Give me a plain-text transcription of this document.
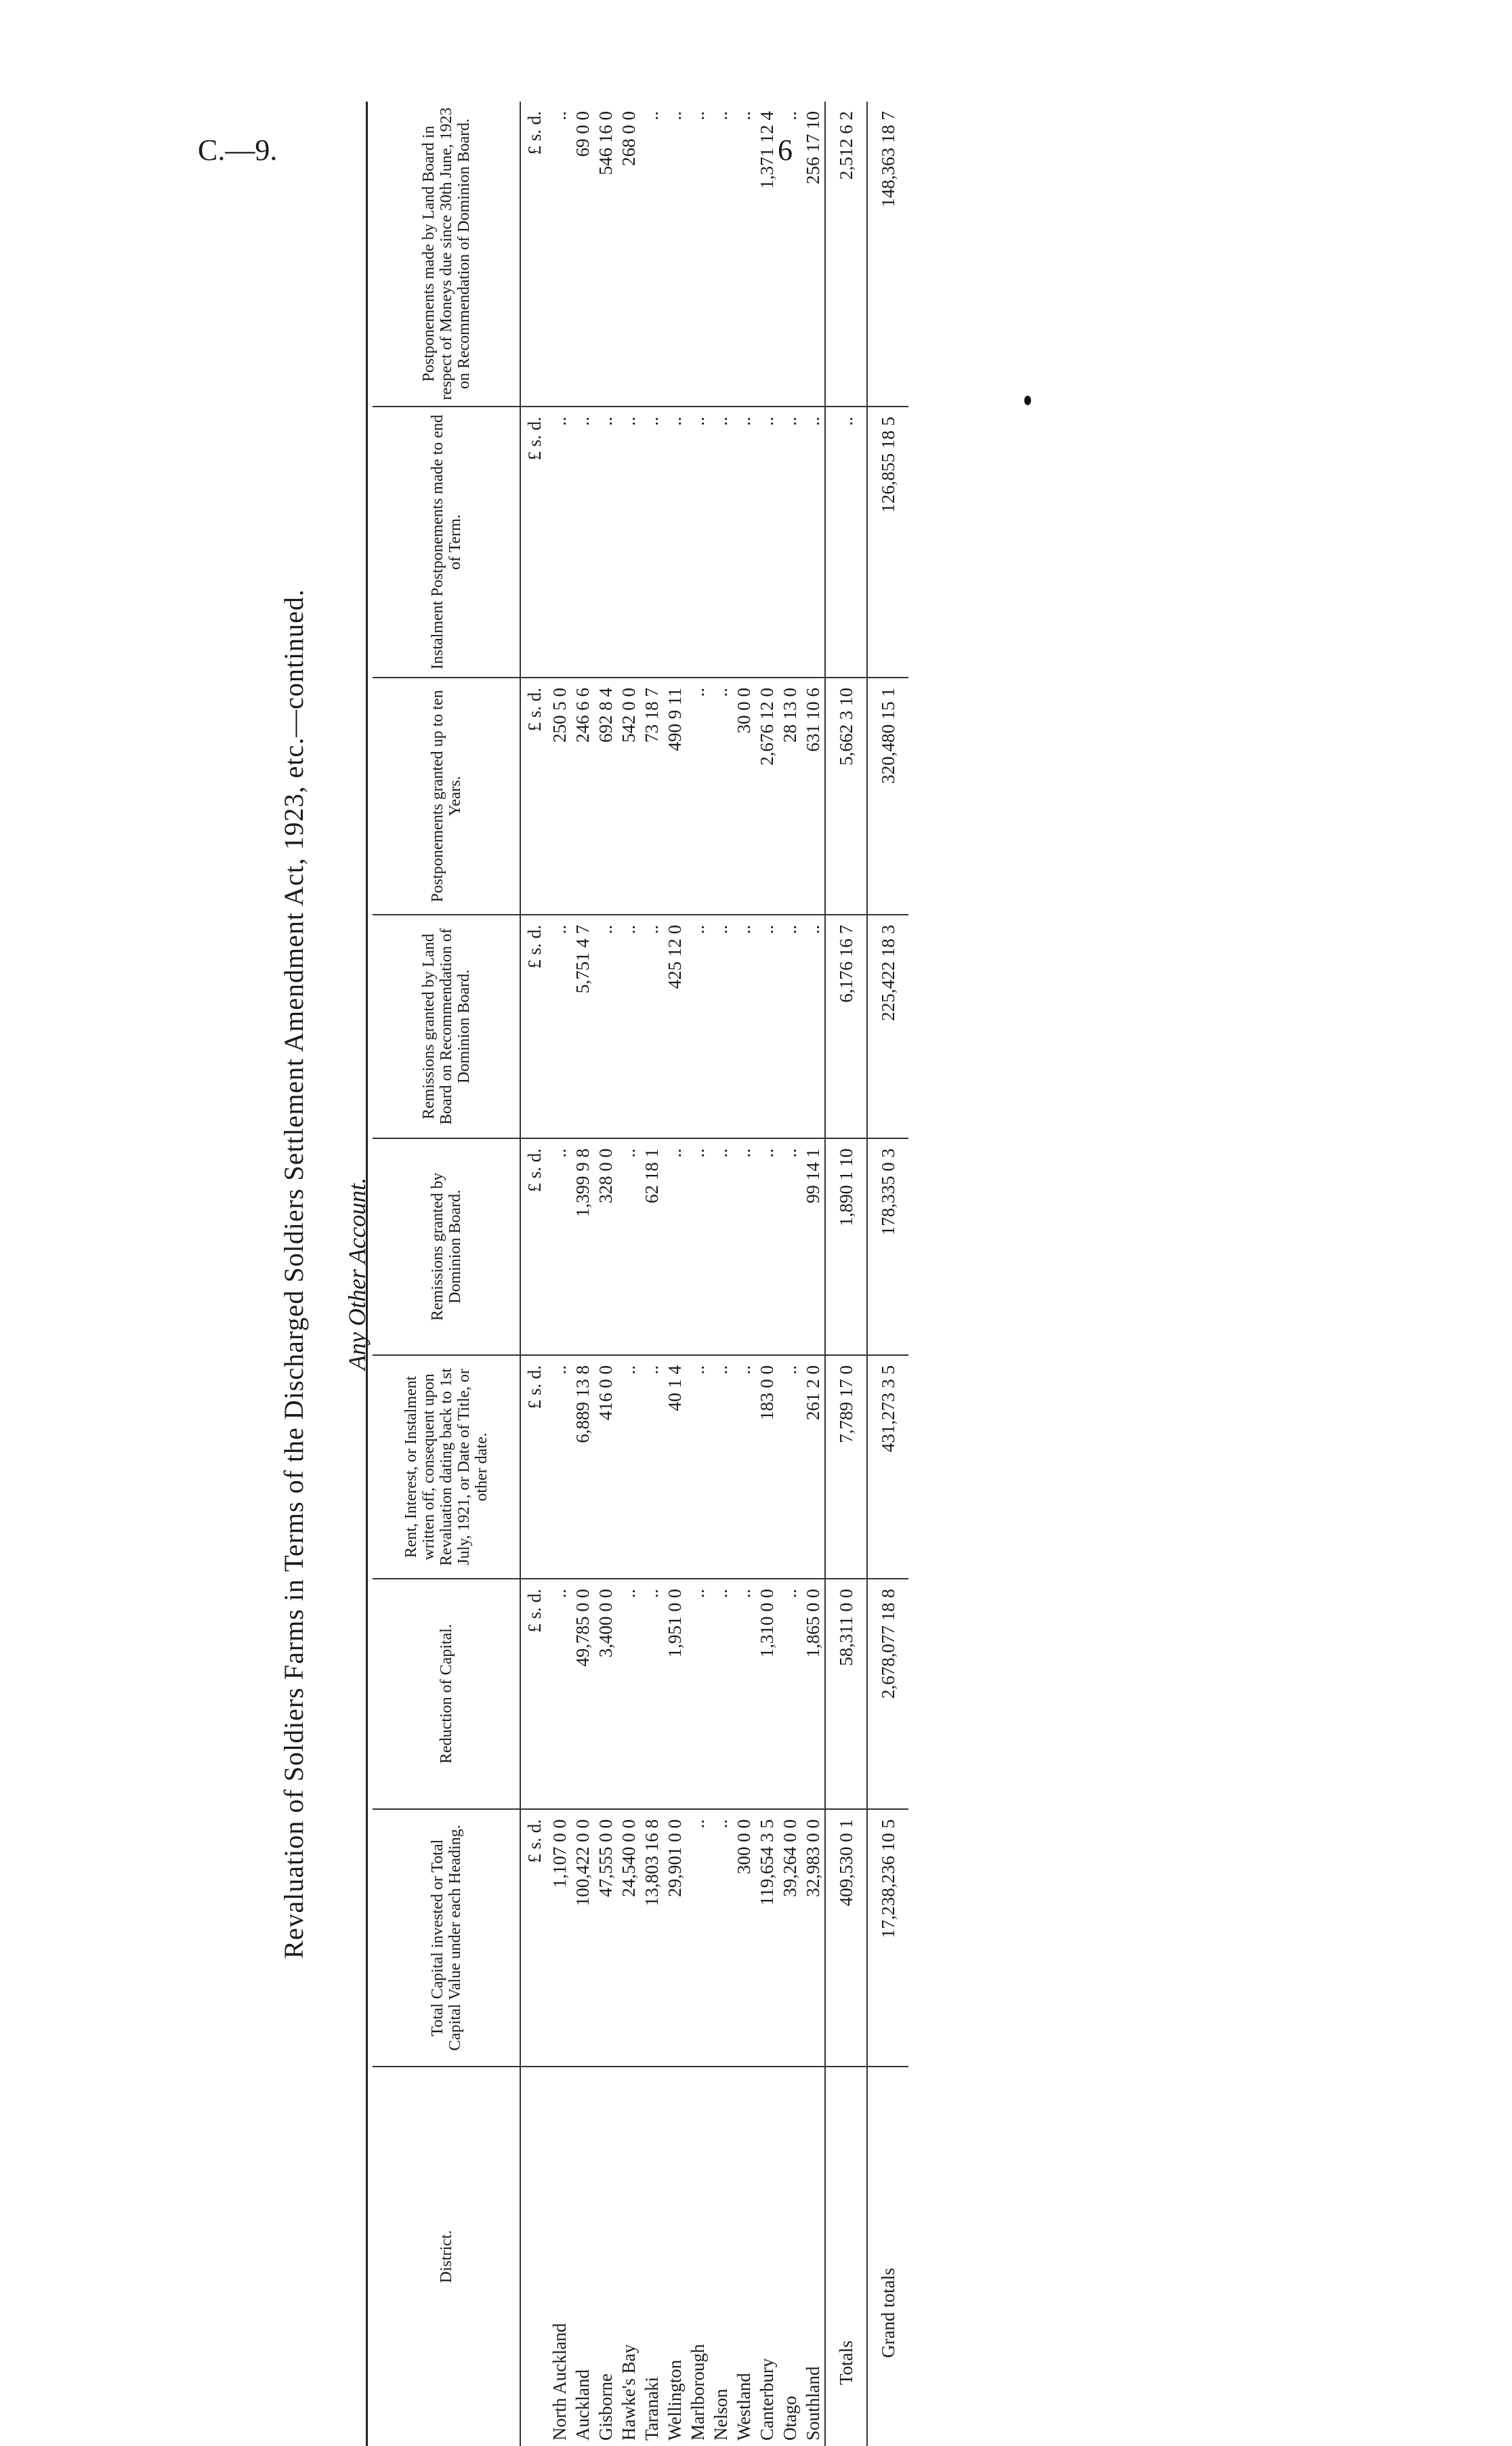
C.—9.	6
Revaluation of Soldiers Farms in Terms of the Discharged Soldiers Settlement Amendment Act, 1923, etc.—continued.	Any Other Account.
District.	Total Capital invested or Total Capital Value under each Heading.	Reduction of Capital.	Rent, Interest, or Instalment written off, consequent upon Revaluation dating back to 1st July, 1921, or Date of Title, or other date.	Remissions granted by Dominion Board.	Remissions granted by Land Board on Recommendation of Dominion Board.	Postponements granted up to ten Years.	Instalment Postponements made to end of Term.	Postponements made by Land Board in respect of Moneys due since 30th June, 1923 on Recommendation of Dominion Board.
	£ s. d.	£ s. d.	£ s. d.	£ s. d.	£ s. d.	£ s. d.	£ s. d.	£ s. d.
North Auckland	1,107 0 0	..	..	..	..	250 5 0	..	..
Auckland	100,422 0 0	49,785 0 0	6,889 13 8	1,399 9 8	5,751 4 7	246 6 6	..	69 0 0
Gisborne	47,555 0 0	3,400 0 0	416 0 0	328 0 0	..	692 8 4	..	546 16 0
Hawke's Bay	24,540 0 0	..	..	..	..	542 0 0	..	268 0 0
Taranaki	13,803 16 8	..	..	62 18 1	..	73 18 7	..	..
Wellington	29,901 0 0	1,951 0 0	40 1 4	..	425 12 0	490 9 11	..	..
Marlborough	..	..	..	..	..	..	..	..
Nelson	..	..	..	..	..	..	..	..
Westland	300 0 0	..	..	..	..	30 0 0	..	..
Canterbury	119,654 3 5	1,310 0 0	183 0 0	..	..	2,676 12 0	..	1,371 12 4
Otago	39,264 0 0	..	..	..	..	28 13 0	..	..
Southland	32,983 0 0	1,865 0 0	261 2 0	99 14 1	..	631 10 6	..	256 17 10
Totals	409,530 0 1	58,311 0 0	7,789 17 0	1,890 1 10	6,176 16 7	5,662 3 10	..	2,512 6 2
Grand totals	17,238,236 10 5	2,678,077 18 8	431,273 3 5	178,335 0 3	225,422 18 3	320,480 15 1	126,855 18 5	148,363 18 7
